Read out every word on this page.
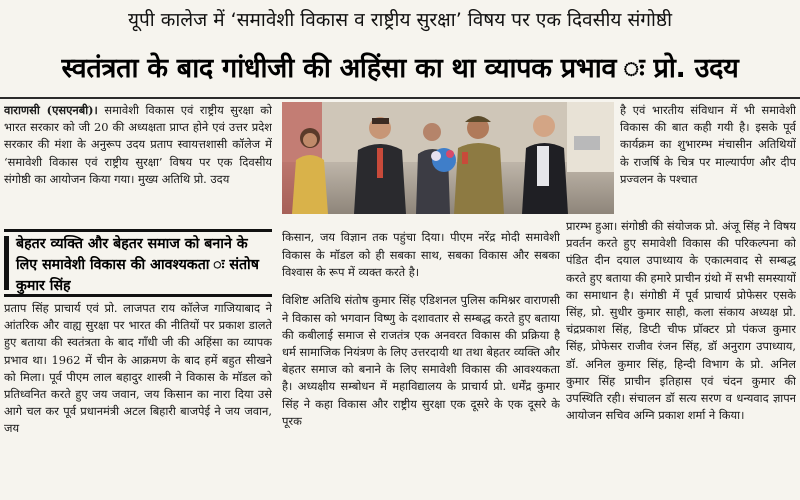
यूपी कालेज में ‘समावेशी विकास व राष्ट्रीय सुरक्षा’ विषय पर एक दिवसीय संगोष्ठी
स्वतंत्रता के बाद गांधीजी की अहिंसा का था व्यापक प्रभाव ः प्रो. उदय
वाराणसी (एसएनबी)। समावेशी विकास एवं राष्ट्रीय सुरक्षा को भारत सरकार को जी 20 की अध्यक्षता प्राप्त होने एवं उत्तर प्रदेश सरकार की मंशा के अनुरूप उदय प्रताप स्वायत्तशासी कॉलेज में ‘समावेशी विकास एवं राष्ट्रीय सुरक्षा’ विषय पर एक दिवसीय संगोष्ठी का आयोजन किया गया। मुख्य अतिथि प्रो. उदय
बेहतर व्यक्ति और बेहतर समाज को बनाने के लिए समावेशी विकास की आवश्यकता ः संतोष कुमार सिंह
प्रताप सिंह प्राचार्य एवं प्रो. लाजपत राय कॉलेज गाजियाबाद ने आंतरिक और वाह्य सुरक्षा पर भारत की नीतियों पर प्रकाश डालते हुए बताया की स्वतंत्रता के बाद गाँधी जी की अहिंसा का व्यापक प्रभाव था। 1962 में चीन के आक्रमण के बाद हमें बहुत सीखने को मिला। पूर्व पीएम लाल बहादुर शास्त्री ने विकास के मॉडल को प्रतिध्वनित करते हुए जय जवान, जय किसान का नारा दिया उसे आगे चल कर पूर्व प्रधानमंत्री अटल बिहारी बाजपेई ने जय जवान, जय
है एवं भारतीय संविधान में भी समावेशी विकास की बात कही गयी है। इसके पूर्व कार्यक्रम का शुभारम्भ मंचासीन अतिथियों के राजर्षि के चित्र पर माल्यार्पण और दीप प्रज्वलन के पश्चात

किसान, जय विज्ञान तक पहुंचा दिया। पीएम नरेंद्र मोदी समावेशी विकास के मॉडल को ही सबका साथ, सबका विकास और सबका विश्वास के रूप में व्यक्त करते है।

विशिष्ट अतिथि संतोष कुमार सिंह एडिशनल पुलिस कमिश्नर वाराणसी ने विकास को भगवान विष्णु के दशावतार से सम्बद्ध करते हुए बताया की कबीलाई समाज से राजतंत्र एक अनवरत विकास की प्रक्रिया है धर्म सामाजिक नियंत्रण के लिए उत्तरदायी था तथा बेहतर व्यक्ति और बेहतर समाज को बनाने के लिए समावेशी विकास की आवश्यकता है। अध्यक्षीय सम्बोधन में महाविद्यालय के प्राचार्य प्रो. धर्मेंद्र कुमार सिंह ने कहा विकास और राष्ट्रीय सुरक्षा एक दूसरे के एक दूसरे के पूरक

प्रारम्भ हुआ। संगोष्ठी की संयोजक प्रो. अंजू सिंह ने विषय प्रवर्तन करते हुए समावेशी विकास की परिकल्पना को पंडित दीन दयाल उपाध्याय के एकात्मवाद से सम्बद्ध करते हुए बताया की हमारे प्राचीन ग्रंथो में सभी समस्यायों का समाधान है। संगोष्ठी में पूर्व प्राचार्य प्रोफेसर एसके सिंह, प्रो. सुधीर कुमार साही, कला संकाय अध्यक्ष प्रो. चंद्रप्रकाश सिंह, डिप्टी चीफ प्रॉक्टर प्रो पंकज कुमार सिंह, प्रोफेसर राजीव रंजन सिंह, डॉ अनुराग उपाध्याय, डॉ. अनिल कुमार सिंह, हिन्दी विभाग के प्रो. अनिल कुमार सिंह प्राचीन इतिहास एवं चंदन कुमार की उपस्थिति रही। संचालन डॉ सत्य सरण व धन्यवाद ज्ञापन आयोजन सचिव अग्नि प्रकाश शर्मा ने किया।
